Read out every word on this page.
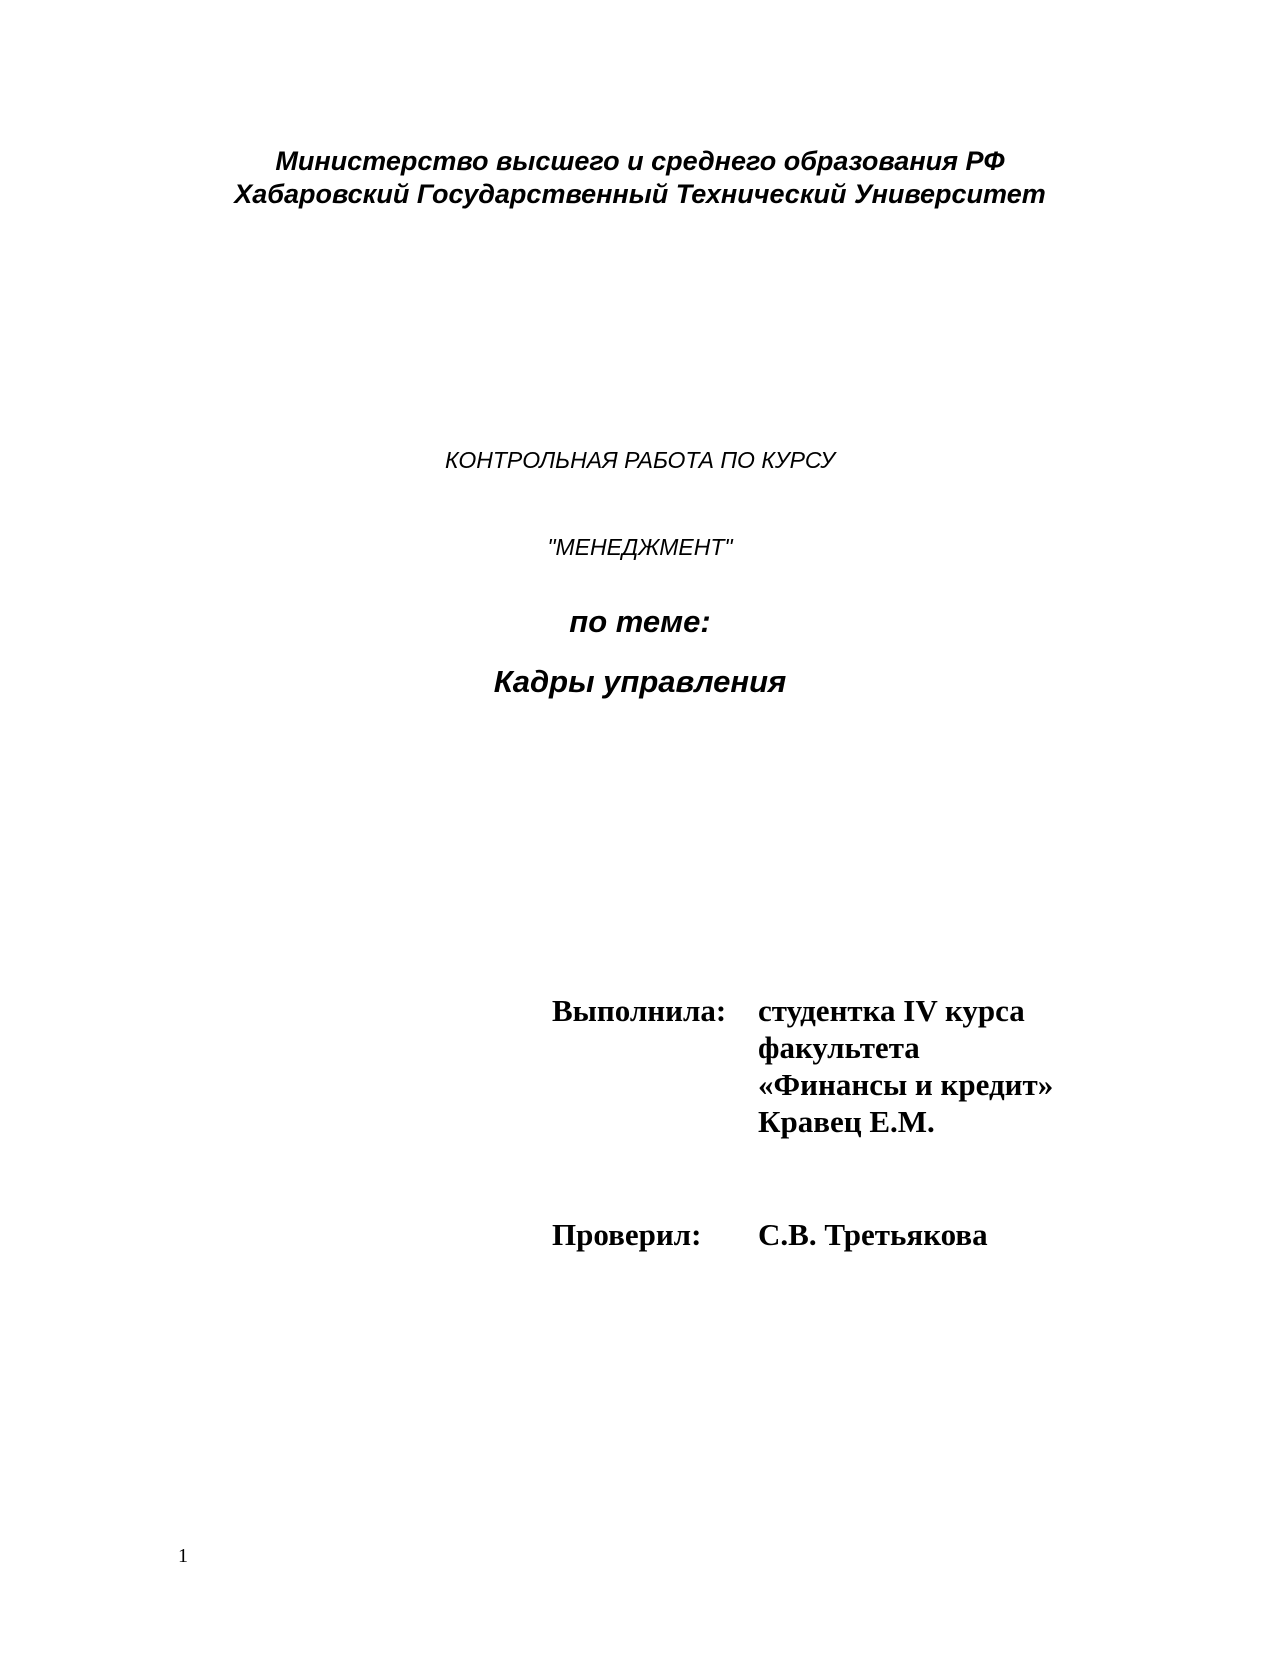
Министерство высшего и среднего образования РФ
Хабаровский Государственный Технический Университет
КОНТРОЛЬНАЯ РАБОТА ПО КУРСУ
"МЕНЕДЖМЕНТ"
по теме:
Кадры управления
Выполнила: студентка IV курса
факультета
«Финансы и кредит»
Кравец Е.М.
Проверил: С.В. Третьякова
1
